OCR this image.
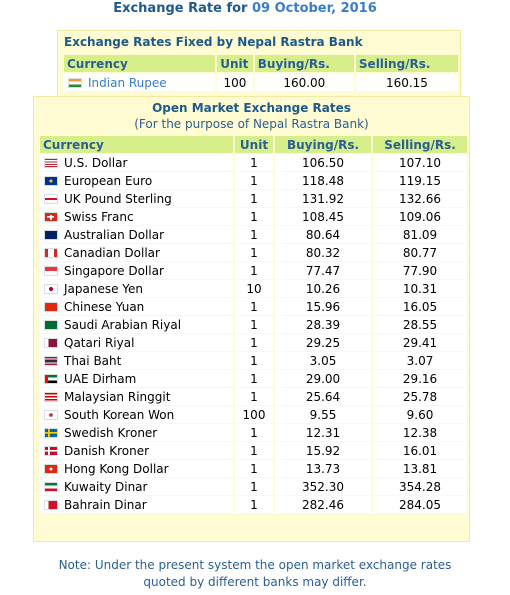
Exchange Rate for 09 October, 2016
Exchange Rates Fixed by Nepal Rastra Bank
Currency	Unit	Buying/Rs.	Selling/Rs.
Indian Rupee	100	160.00	160.15
Open Market Exchange Rates
(For the purpose of Nepal Rastra Bank)
Currency	Unit	Buying/Rs.	Selling/Rs.
U.S. Dollar	1	106.50	107.10
European Euro	1	118.48	119.15
UK Pound Sterling	1	131.92	132.66
Swiss Franc	1	108.45	109.06
Australian Dollar	1	80.64	81.09
Canadian Dollar	1	80.32	80.77
Singapore Dollar	1	77.47	77.90
Japanese Yen	10	10.26	10.31
Chinese Yuan	1	15.96	16.05
Saudi Arabian Riyal	1	28.39	28.55
Qatari Riyal	1	29.25	29.41
Thai Baht	1	3.05	3.07
UAE Dirham	1	29.00	29.16
Malaysian Ringgit	1	25.64	25.78
South Korean Won	100	9.55	9.60
Swedish Kroner	1	12.31	12.38
Danish Kroner	1	15.92	16.01
Hong Kong Dollar	1	13.73	13.81
Kuwaity Dinar	1	352.30	354.28
Bahrain Dinar	1	282.46	284.05
Note: Under the present system the open market exchange rates
quoted by different banks may differ.
